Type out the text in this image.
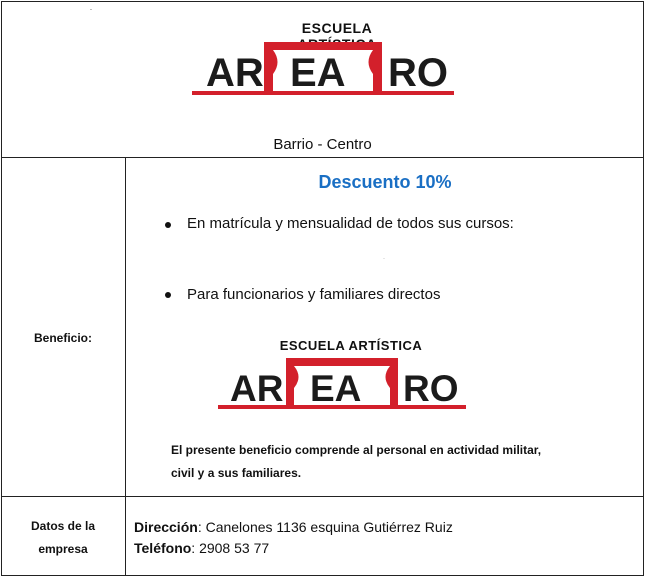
ˆ
ESCUELA
AR EA RO
Barrio - Centro
Beneficio:
Descuento 10%
En matrícula y mensualidad de todos sus cursos:
·
Para funcionarios y familiares directos
ESCUELA ARTÍSTICA
AR EA RO
El presente beneficio comprende al personal en actividad militar,
civil y a sus familiares.
Datos de la
empresa
Dirección: Canelones 1136 esquina Gutiérrez Ruiz
Teléfono: 2908 53 77
